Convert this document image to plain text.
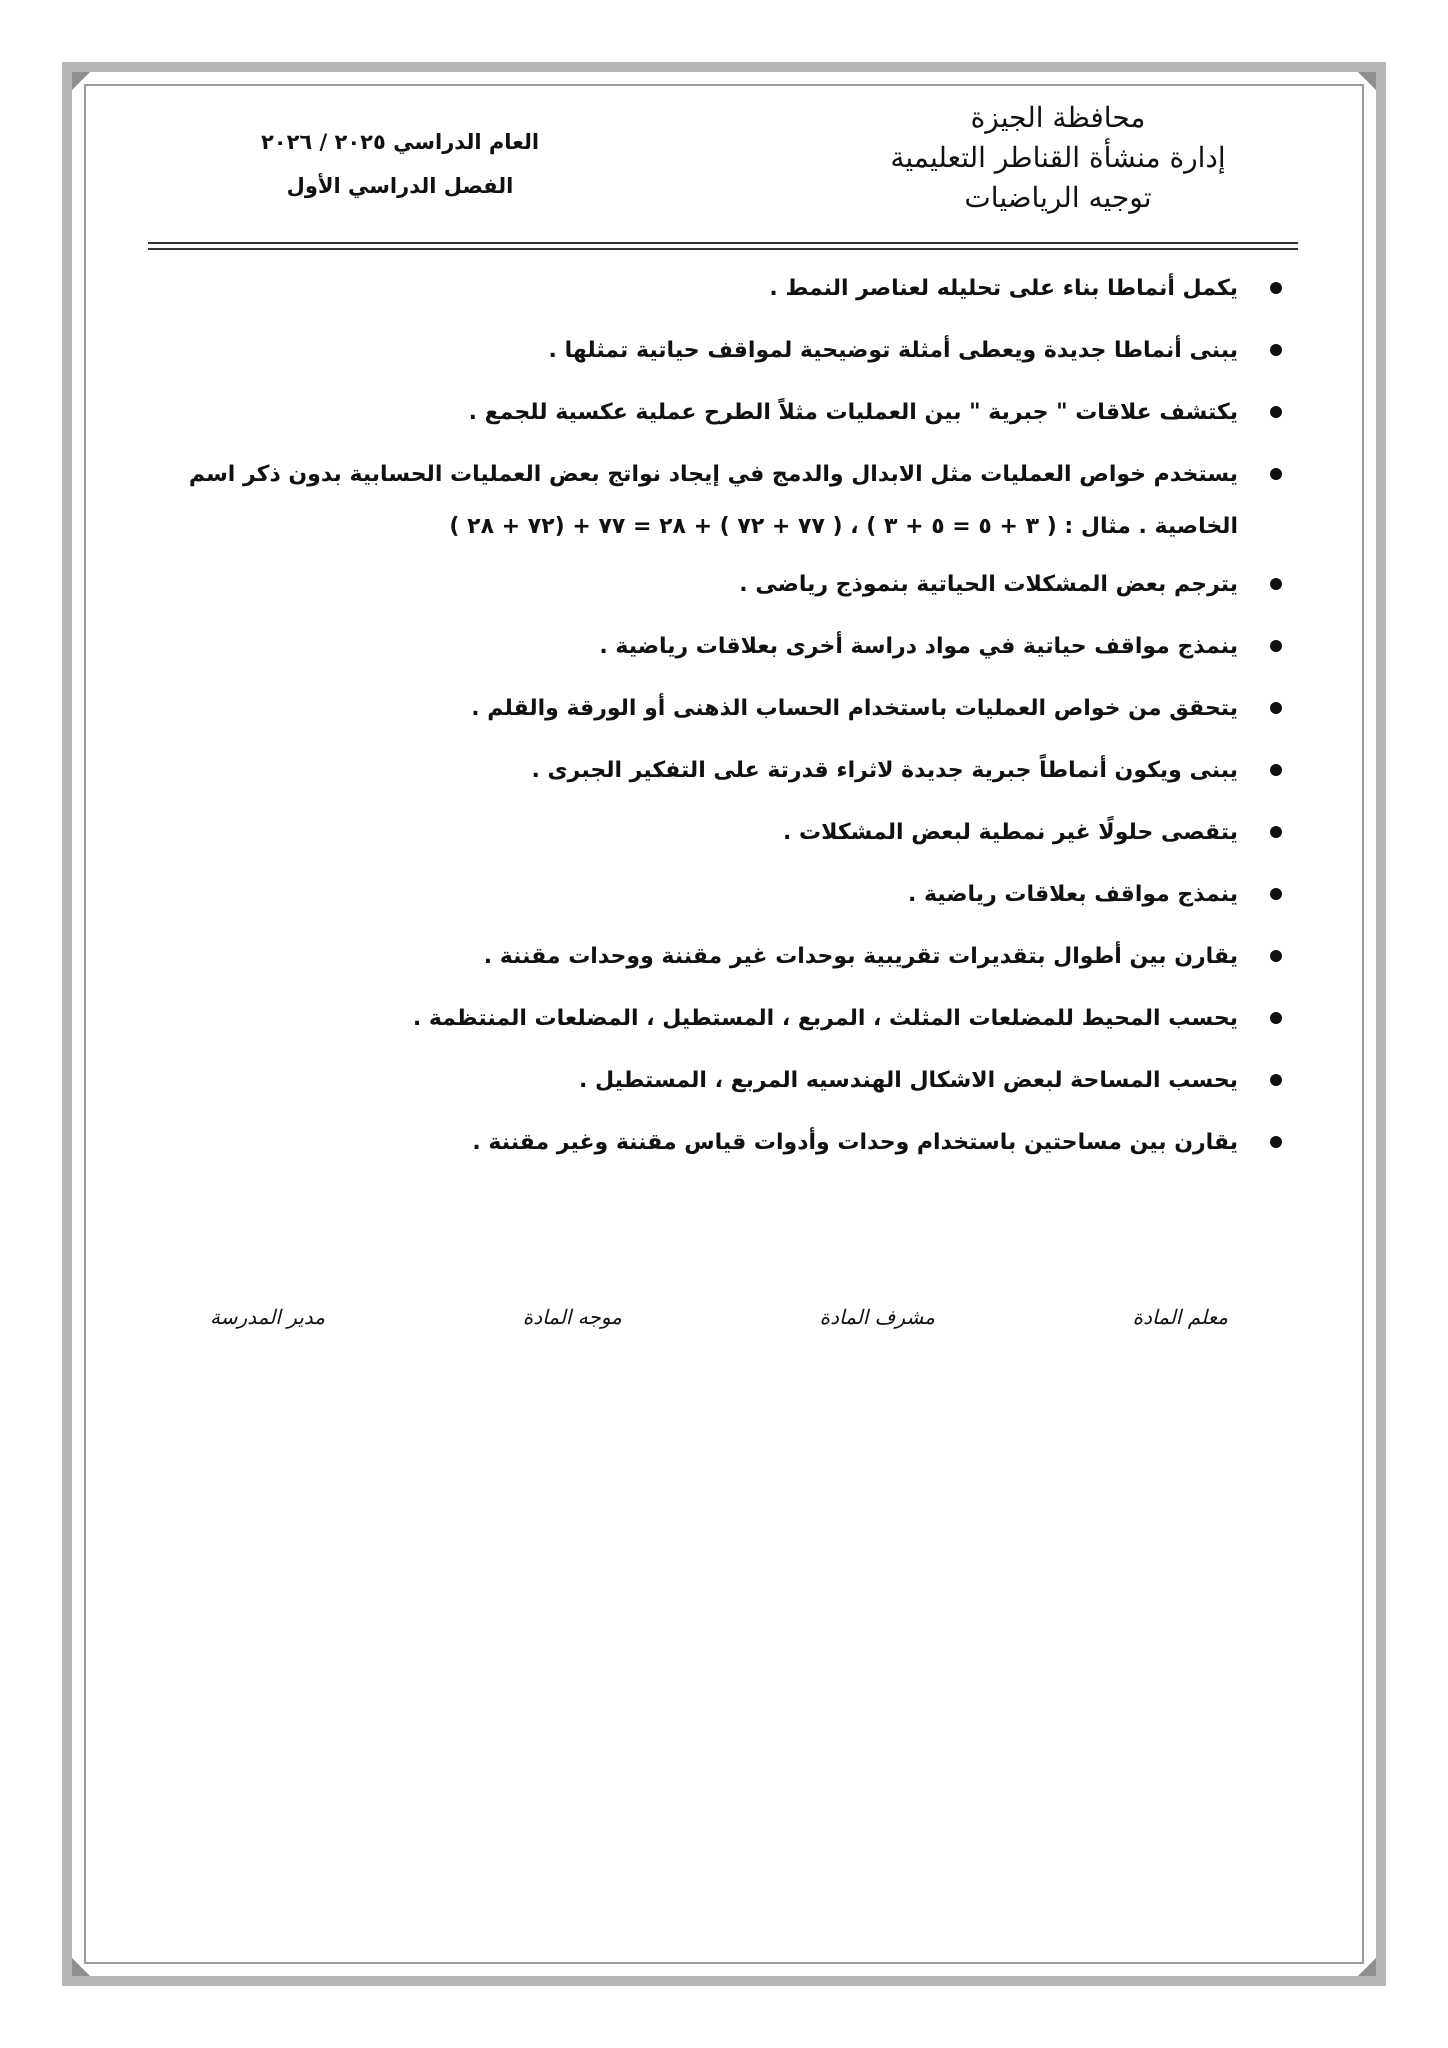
محافظة الجيزة
إدارة منشأة القناطر التعليمية
توجيه الرياضيات
العام الدراسي ٢٠٢٥ / ٢٠٢٦
الفصل الدراسي الأول
يكمل أنماطا بناء على تحليله لعناصر النمط .
يبنى أنماطا جديدة ويعطى أمثلة توضيحية لمواقف حياتية تمثلها .
يكتشف علاقات " جبرية " بين العمليات مثلاً الطرح عملية عكسية للجمع .
يستخدم خواص العمليات مثل الابدال والدمج في إيجاد نواتج بعض العمليات الحسابية بدون ذكر اسم
الخاصية . مثال : ( ٣ + ٥ = ٥ + ٣ ) ، ( ٧٧ + ٧٢ ) + ٢٨ = ٧٧ + (٧٢ + ٢٨ )
يترجم بعض المشكلات الحياتية بنموذج رياضى .
ينمذج مواقف حياتية في مواد دراسة أخرى بعلاقات رياضية .
يتحقق من خواص العمليات باستخدام الحساب الذهنى أو الورقة والقلم .
يبنى ويكون أنماطاً جبرية جديدة لاثراء قدرتة على التفكير الجبرى .
يتقصى حلولًا غير نمطية لبعض المشكلات .
ينمذج مواقف بعلاقات رياضية .
يقارن بين أطوال بتقديرات تقريبية بوحدات غير مقننة ووحدات مقننة .
يحسب المحيط للمضلعات المثلث ، المربع ، المستطيل ، المضلعات المنتظمة .
يحسب المساحة لبعض الاشكال الهندسيه المربع ، المستطيل .
يقارن بين مساحتين باستخدام وحدات وأدوات قياس مقننة وغير مقننة .
معلم المادة
مشرف المادة
موجه المادة
مدير المدرسة
